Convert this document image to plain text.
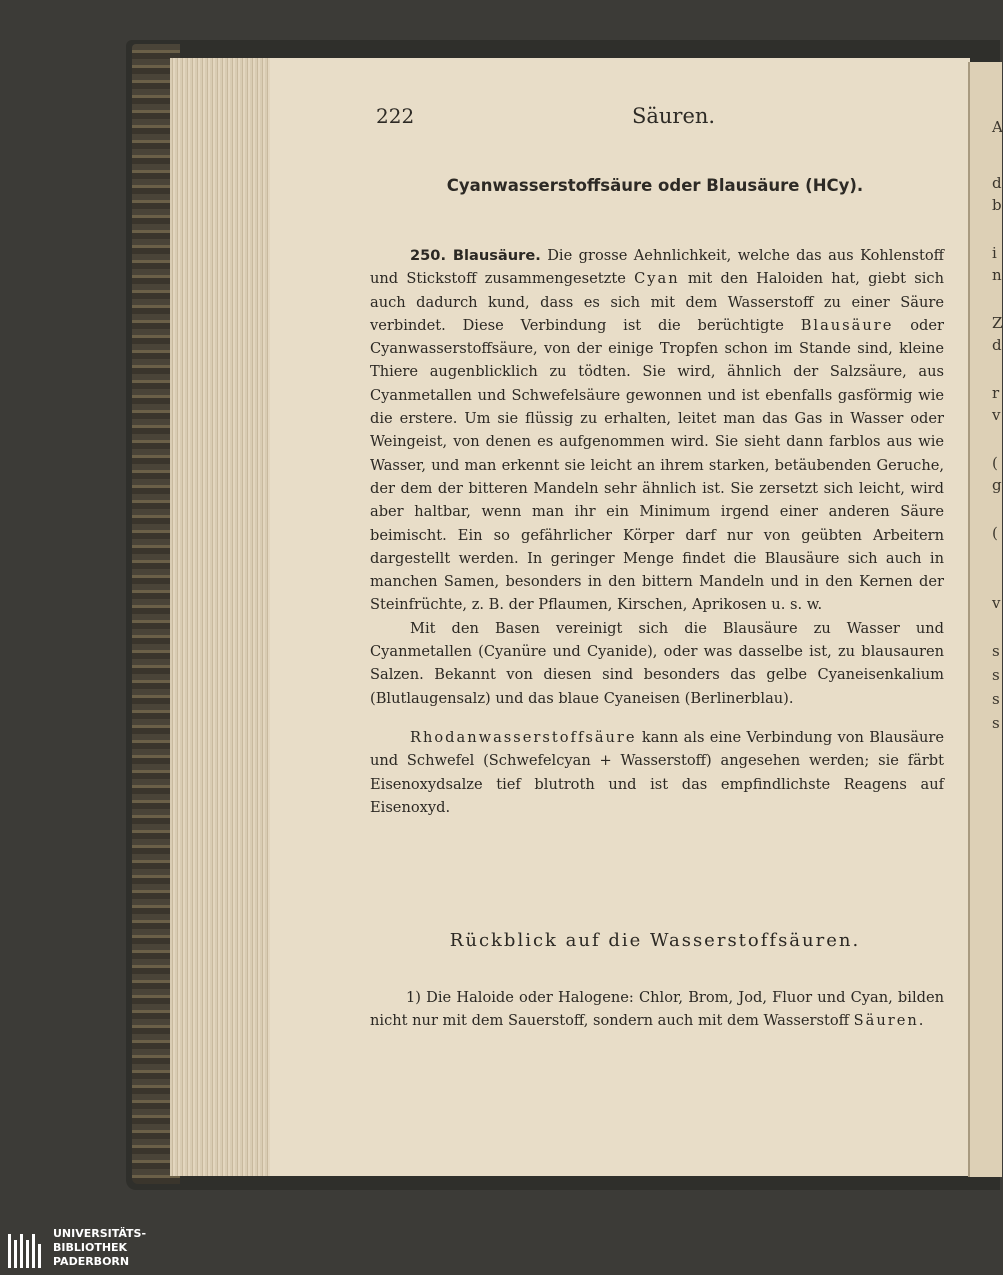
A
d
b
i
n
Z
d
r
v
(
g
(
v
s
s
s
s
222	Säuren.
Cyanwasserstoffsäure oder Blausäure (HCy).

250. Blausäure. Die grosse Aehnlichkeit, welche das aus Kohlenstoff und Stickstoff zusammengesetzte Cyan mit den Haloiden hat, giebt sich auch dadurch kund, dass es sich mit dem Wasserstoff zu einer Säure verbindet. Diese Verbindung ist die berüchtigte Blausäure oder Cyanwasserstoffsäure, von der einige Tropfen schon im Stande sind, kleine Thiere augenblicklich zu tödten. Sie wird, ähnlich der Salzsäure, aus Cyanmetallen und Schwefelsäure gewonnen und ist ebenfalls gasförmig wie die erstere. Um sie flüssig zu erhalten, leitet man das Gas in Wasser oder Weingeist, von denen es aufgenommen wird. Sie sieht dann farblos aus wie Wasser, und man erkennt sie leicht an ihrem starken, betäubenden Geruche, der dem der bitteren Mandeln sehr ähnlich ist. Sie zersetzt sich leicht, wird aber haltbar, wenn man ihr ein Minimum irgend einer anderen Säure beimischt. Ein so gefährlicher Körper darf nur von geübten Arbeitern dargestellt werden. In geringer Menge findet die Blausäure sich auch in manchen Samen, besonders in den bittern Mandeln und in den Kernen der Steinfrüchte, z. B. der Pflaumen, Kirschen, Aprikosen u. s. w.

Mit den Basen vereinigt sich die Blausäure zu Wasser und Cyanmetallen (Cyanüre und Cyanide), oder was dasselbe ist, zu blausauren Salzen. Bekannt von diesen sind besonders das gelbe Cyaneisenkalium (Blutlaugensalz) und das blaue Cyaneisen (Berlinerblau).

Rhodanwasserstoffsäure kann als eine Verbindung von Blausäure und Schwefel (Schwefelcyan + Wasserstoff) angesehen werden; sie färbt Eisenoxydsalze tief blutroth und ist das empfindlichste Reagens auf Eisenoxyd.

Rückblick auf die Wasserstoffsäuren.

1) Die Haloide oder Halogene: Chlor, Brom, Jod, Fluor und Cyan, bilden nicht nur mit dem Sauerstoff, sondern auch mit dem Wasserstoff Säuren.

UNIVERSITÄTS-
BIBLIOTHEK
PADERBORN
